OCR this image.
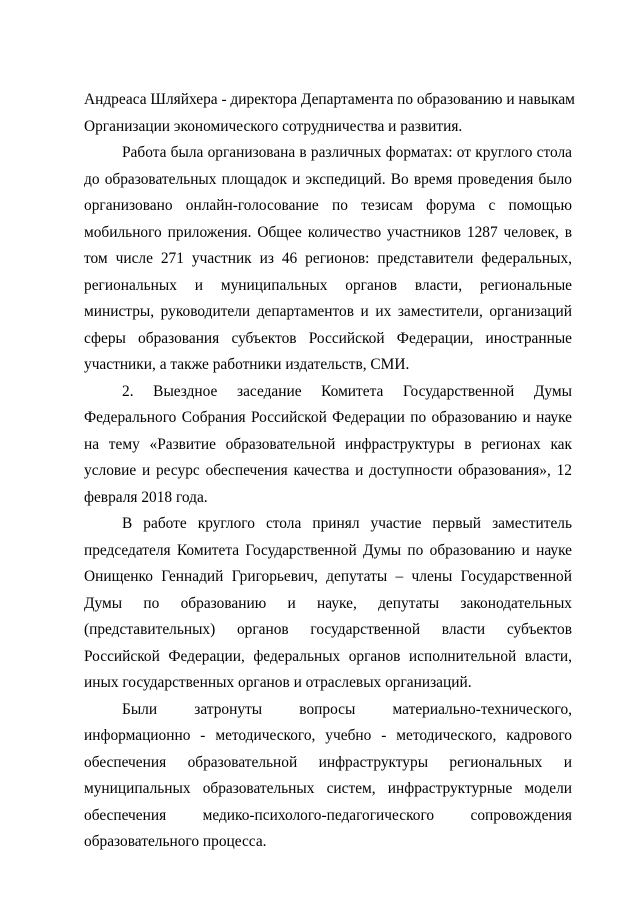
Андреаса Шляйхера - директора Департамента по образованию и навыкам
Организации экономического сотрудничества и развития.
Работа была организована в различных форматах: от круглого стола
до образовательных площадок и экспедиций. Во время проведения было
организовано онлайн-голосование по тезисам форума с помощью
мобильного приложения. Общее количество участников 1287 человек, в
том числе 271 участник из 46 регионов: представители федеральных,
региональных и муниципальных органов власти, региональные
министры, руководители департаментов и их заместители, организаций
сферы образования субъектов Российской Федерации, иностранные
участники, а также работники издательств, СМИ.
2. Выездное заседание Комитета Государственной Думы
Федерального Собрания Российской Федерации по образованию и науке
на тему «Развитие образовательной инфраструктуры в регионах как
условие и ресурс обеспечения качества и доступности образования», 12
февраля 2018 года.
В работе круглого стола принял участие первый заместитель
председателя Комитета Государственной Думы по образованию и науке
Онищенко Геннадий Григорьевич, депутаты – члены Государственной
Думы по образованию и науке, депутаты законодательных
(представительных) органов государственной власти субъектов
Российской Федерации, федеральных органов исполнительной власти,
иных государственных органов и отраслевых организаций.
Были затронуты вопросы материально-технического,
информационно - методического, учебно - методического, кадрового
обеспечения образовательной инфраструктуры региональных и
муниципальных образовательных систем, инфраструктурные модели
обеспечения медико-психолого-педагогического сопровождения
образовательного процесса.
